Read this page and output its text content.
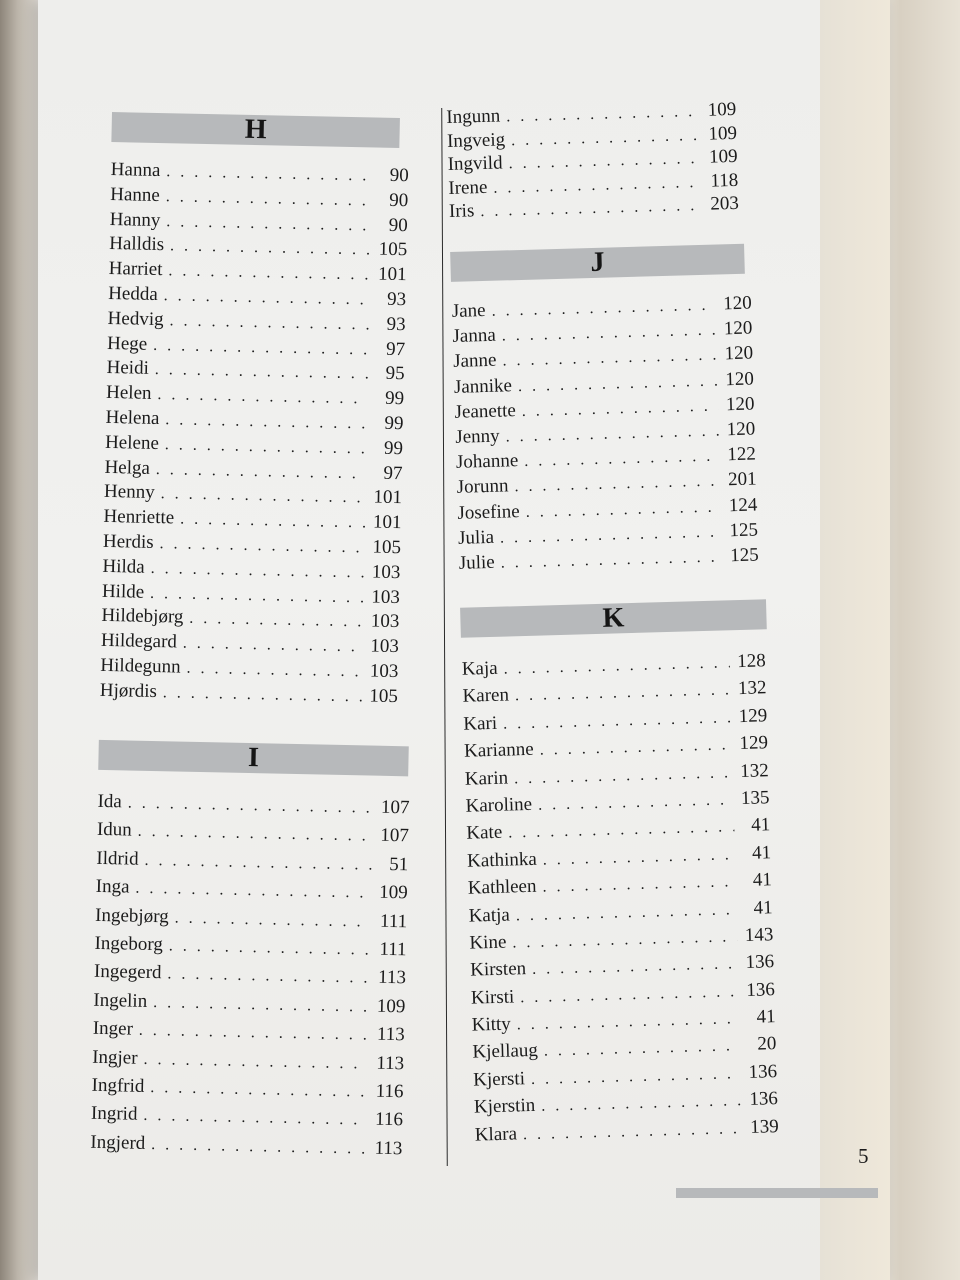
H
Hanna . . .	90
Hanne . . .	90
Hanny . . .	90
Halldis . . .	105
Harriet . . .	101
Hedda . . .	93
Hedvig . . .	93
Hege . . .	97
Heidi . . .	95
Helen . . .	99
Helena . . .	99
Helene . . .	99
Helga . . .	97
Henny . . .	101
Henriette . . .	101
Herdis . . .	105
Hilda . . .	103
Hilde . . .	103
Hildebjørg . . .	103
Hildegard . . .	103
Hildegunn . . .	103
Hjørdis . . .	105
I
Ida . . .	107
Idun . . .	107
Ildrid . . .	51
Inga . . .	109
Ingebjørg . . .	111
Ingeborg . . .	111
Ingegerd . . .	113
Ingelin . . .	109
Inger . . .	113
Ingjer . . .	113
Ingfrid . . .	116
Ingrid . . .	116
Ingjerd . . .	113
Ingunn . . .	109
Ingveig . . .	109
Ingvild . . .	109
Irene . . .	118
Iris . . .	203
J
Jane . . .	120
Janna . . .	120
Janne . . .	120
Jannike . . .	120
Jeanette . . .	120
Jenny . . .	120
Johanne . . .	122
Jorunn . . .	201
Josefine . . .	124
Julia . . .	125
Julie . . .	125
K
Kaja . . .	128
Karen . . .	132
Kari . . .	129
Karianne . . .	129
Karin . . .	132
Karoline . . .	135
Kate . . .	41
Kathinka . . .	41
Kathleen . . .	41
Katja . . .	41
Kine . . .	143
Kirsten . . .	136
Kirsti . . .	136
Kitty . . .	41
Kjellaug . . .	20
Kjersti . . .	136
Kjerstin . . .	136
Klara . . .	139
5
